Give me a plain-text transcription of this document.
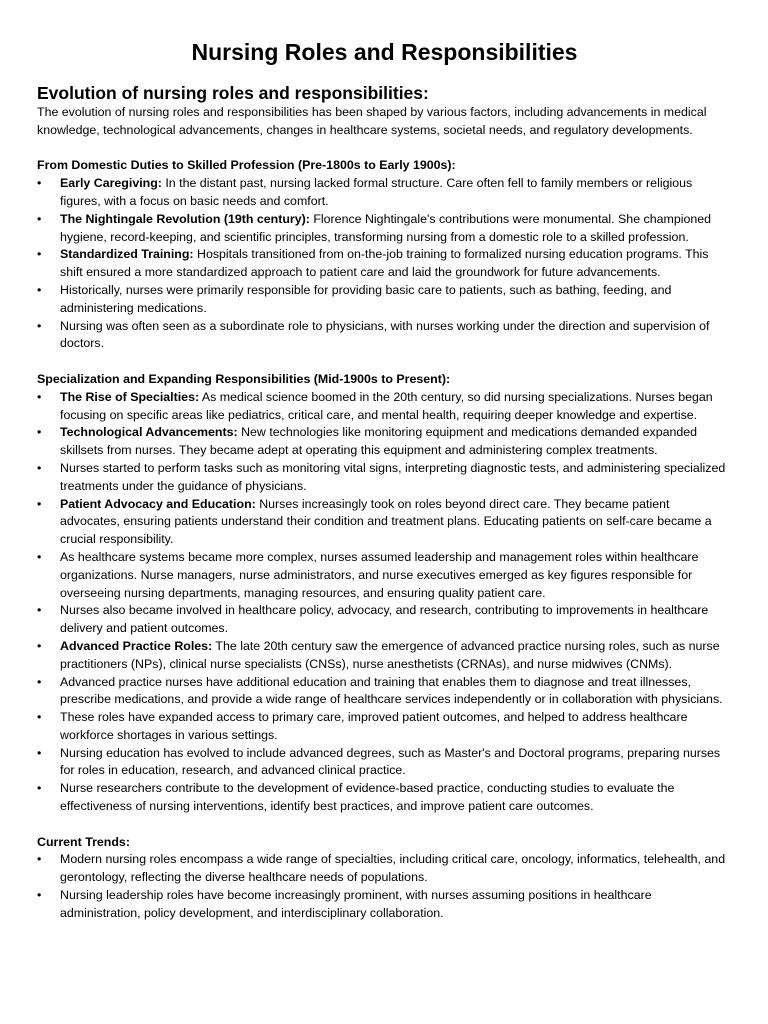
Nursing Roles and Responsibilities
Evolution of nursing roles and responsibilities:

The evolution of nursing roles and responsibilities has been shaped by various factors, including advancements in medical knowledge, technological advancements, changes in healthcare systems, societal needs, and regulatory developments.

From Domestic Duties to Skilled Profession (Pre-1800s to Early 1900s):
• Early Caregiving: In the distant past, nursing lacked formal structure. Care often fell to family members or religious figures, with a focus on basic needs and comfort.
• The Nightingale Revolution (19th century): Florence Nightingale's contributions were monumental. She championed hygiene, record-keeping, and scientific principles, transforming nursing from a domestic role to a skilled profession.
• Standardized Training: Hospitals transitioned from on-the-job training to formalized nursing education programs. This shift ensured a more standardized approach to patient care and laid the groundwork for future advancements.
• Historically, nurses were primarily responsible for providing basic care to patients, such as bathing, feeding, and administering medications.
• Nursing was often seen as a subordinate role to physicians, with nurses working under the direction and supervision of doctors.
Specialization and Expanding Responsibilities (Mid-1900s to Present):
• The Rise of Specialties: As medical science boomed in the 20th century, so did nursing specializations. Nurses began focusing on specific areas like pediatrics, critical care, and mental health, requiring deeper knowledge and expertise.
• Technological Advancements: New technologies like monitoring equipment and medications demanded expanded skillsets from nurses. They became adept at operating this equipment and administering complex treatments.
• Nurses started to perform tasks such as monitoring vital signs, interpreting diagnostic tests, and administering specialized treatments under the guidance of physicians.
• Patient Advocacy and Education: Nurses increasingly took on roles beyond direct care. They became patient advocates, ensuring patients understand their condition and treatment plans. Educating patients on self-care became a crucial responsibility.
• As healthcare systems became more complex, nurses assumed leadership and management roles within healthcare organizations. Nurse managers, nurse administrators, and nurse executives emerged as key figures responsible for overseeing nursing departments, managing resources, and ensuring quality patient care.
• Nurses also became involved in healthcare policy, advocacy, and research, contributing to improvements in healthcare delivery and patient outcomes.
• Advanced Practice Roles: The late 20th century saw the emergence of advanced practice nursing roles, such as nurse practitioners (NPs), clinical nurse specialists (CNSs), nurse anesthetists (CRNAs), and nurse midwives (CNMs).
• Advanced practice nurses have additional education and training that enables them to diagnose and treat illnesses, prescribe medications, and provide a wide range of healthcare services independently or in collaboration with physicians.
• These roles have expanded access to primary care, improved patient outcomes, and helped to address healthcare workforce shortages in various settings.
• Nursing education has evolved to include advanced degrees, such as Master's and Doctoral programs, preparing nurses for roles in education, research, and advanced clinical practice.
• Nurse researchers contribute to the development of evidence-based practice, conducting studies to evaluate the effectiveness of nursing interventions, identify best practices, and improve patient care outcomes.
Current Trends:
• Modern nursing roles encompass a wide range of specialties, including critical care, oncology, informatics, telehealth, and gerontology, reflecting the diverse healthcare needs of populations.
• Nursing leadership roles have become increasingly prominent, with nurses assuming positions in healthcare administration, policy development, and interdisciplinary collaboration.
